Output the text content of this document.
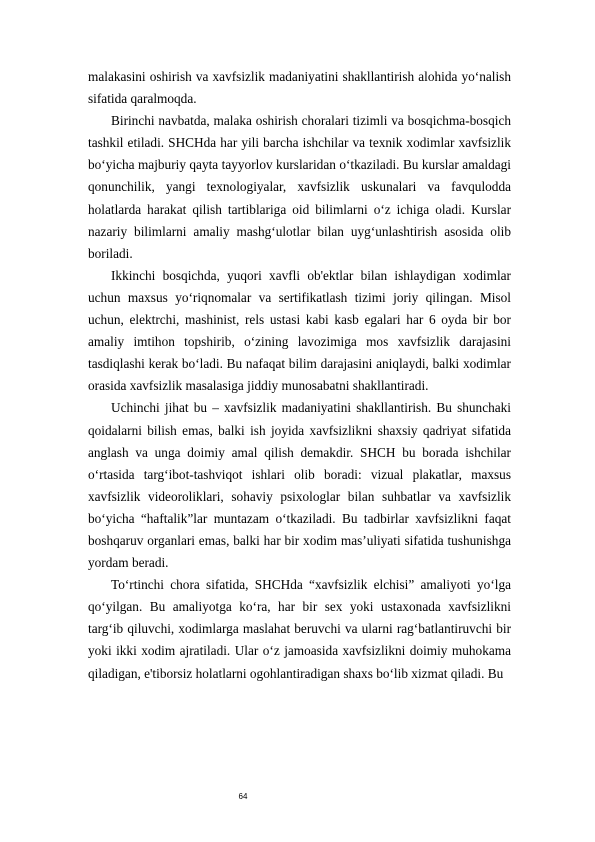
malakasini oshirish va xavfsizlik madaniyatini shakllantirish alohida yo‘nalish sifatida qaralmoqda.

Birinchi navbatda, malaka oshirish choralari tizimli va bosqichma-bosqich tashkil etiladi. SHCHda har yili barcha ishchilar va texnik xodimlar xavfsizlik bo‘yicha majburiy qayta tayyorlov kurslaridan o‘tkaziladi. Bu kurslar amaldagi qonunchilik, yangi texnologiyalar, xavfsizlik uskunalari va favqulodda holatlarda harakat qilish tartiblariga oid bilimlarni o‘z ichiga oladi. Kurslar nazariy bilimlarni amaliy mashg‘ulotlar bilan uyg‘unlashtirish asosida olib boriladi.

Ikkinchi bosqichda, yuqori xavfli ob'ektlar bilan ishlaydigan xodimlar uchun maxsus yo‘riqnomalar va sertifikatlash tizimi joriy qilingan. Misol uchun, elektrchi, mashinist, rels ustasi kabi kasb egalari har 6 oyda bir bor amaliy imtihon topshirib, o‘zining lavozimiga mos xavfsizlik darajasini tasdiqlashi kerak bo‘ladi. Bu nafaqat bilim darajasini aniqlaydi, balki xodimlar orasida xavfsizlik masalasiga jiddiy munosabatni shakllantiradi.

Uchinchi jihat bu – xavfsizlik madaniyatini shakllantirish. Bu shunchaki qoidalarni bilish emas, balki ish joyida xavfsizlikni shaxsiy qadriyat sifatida anglash va unga doimiy amal qilish demakdir. SHCH bu borada ishchilar o‘rtasida targ‘ibot-tashviqot ishlari olib boradi: vizual plakatlar, maxsus xavfsizlik videoroliklari, sohaviy psixologlar bilan suhbatlar va xavfsizlik bo‘yicha “haftalik”lar muntazam o‘tkaziladi. Bu tadbirlar xavfsizlikni faqat boshqaruv organlari emas, balki har bir xodim mas’uliyati sifatida tushunishga yordam beradi.

To‘rtinchi chora sifatida, SHCHda “xavfsizlik elchisi” amaliyoti yo‘lga qo‘yilgan. Bu amaliyotga ko‘ra, har bir sex yoki ustaxonada xavfsizlikni targ‘ib qiluvchi, xodimlarga maslahat beruvchi va ularni rag‘batlantiruvchi bir yoki ikki xodim ajratiladi. Ular o‘z jamoasida xavfsizlikni doimiy muhokama qiladigan, e'tiborsiz holatlarni ogohlantiradigan shaxs bo‘lib xizmat qiladi. Bu

64
